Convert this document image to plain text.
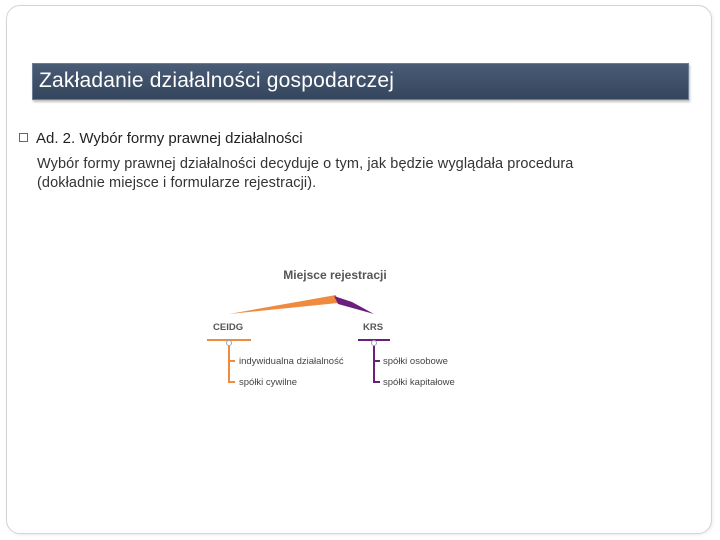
Zakładanie działalności gospodarczej
Ad. 2. Wybór formy prawnej działalności
Wybór formy prawnej działalności decyduje o tym, jak będzie wyglądała procedura
(dokładnie miejsce i formularze rejestracji).
Miejsce rejestracji
CEIDG
indywidualna działalność
spółki cywilne
KRS
spółki osobowe
spółki kapitałowe
